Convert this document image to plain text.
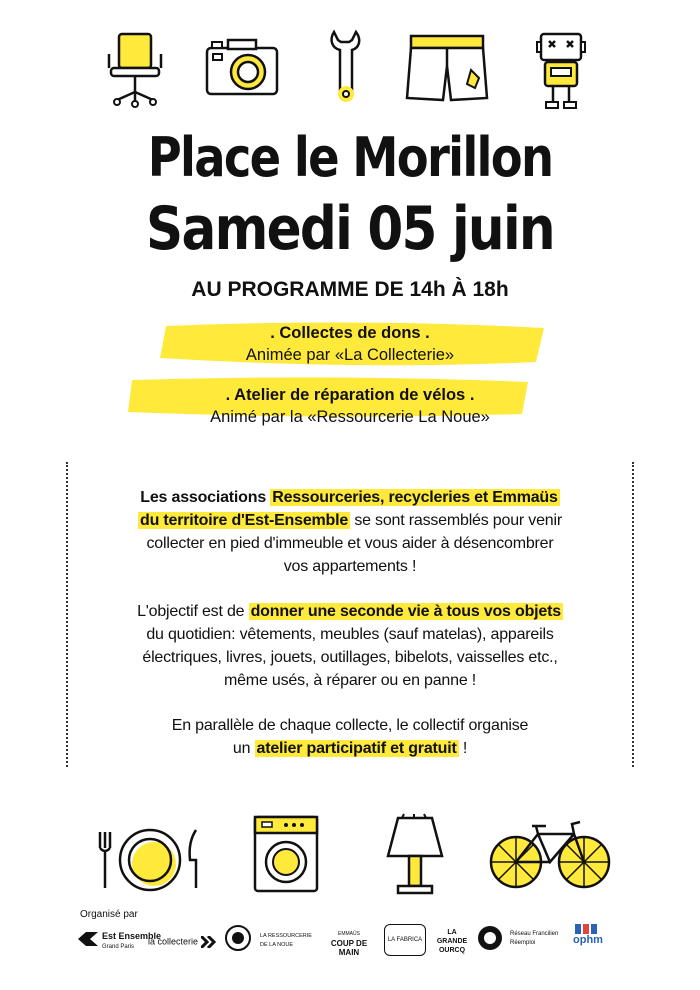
Place le Morillon
Samedi 05 juin
AU PROGRAMME DE 14h À 18h
. Collectes de dons .
Animée par «La Collecterie»
. Atelier de réparation de vélos .
Animé par la «Ressourcerie La Noue»
Les associations Ressourceries, recycleries et Emmaüs
du territoire d'Est-Ensemble se sont rassemblés pour venir
collecter en pied d'immeuble et vous aider à désencombrer
vos appartements !
L'objectif est de donner une seconde vie à tous vos objets
du quotidien: vêtements, meubles (sauf matelas), appareils
électriques, livres, jouets, outillages, bibelots, vaisselles etc.,
même usés, à réparer ou en panne !
En parallèle de chaque collecte, le collectif organise
un atelier participatif et gratuit !
Organisé par
Est Ensemble
Grand Paris
la collecterie
LA RESSOURCERIE DE LA NOUE
EMMAÜS
COUP DE MAIN
LA FABRICA
LA GRANDE OURCQ
Réseau Francilien Réemploi	ophm
